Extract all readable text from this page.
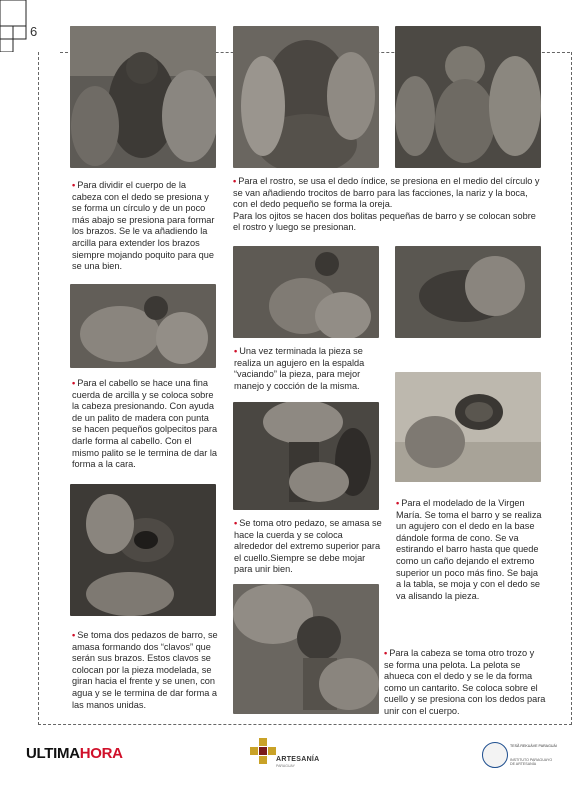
6

• Para dividir el cuerpo de la cabeza con el dedo se presiona y se forma un círculo y de un poco más abajo se presiona para formar los brazos. Se le va añadiendo la arcilla para extender los brazos siempre mojando poquito para que se una bien.

• Para el rostro, se usa el dedo índice, se presiona en el medio del círculo y se van añadiendo trocitos de barro para las facciones, la nariz y la boca, con el dedo pequeño se forma la oreja.

Para los ojitos se hacen dos bolitas pequeñas de barro y se colocan sobre el rostro y luego se presionan.

• Una vez terminada la pieza se realiza un agujero en la espalda “vaciando” la pieza, para mejor manejo y cocción de la misma.

• Para el cabello se hace una fina cuerda de arcilla y se coloca sobre la cabeza presionando. Con ayuda de un palito de madera con punta se hacen pequeños golpecitos para darle forma al cabello. Con el mismo palito se le termina de dar la forma a la cara.

• Para el modelado de la Virgen María. Se toma el barro y se realiza un agujero con el dedo en la base dándole forma de cono. Se va estirando el barro hasta que quede como un caño dejando el extremo superior un poco más fino. Se baja a la tabla, se moja y con el dedo se va alisando la pieza.

• Se toma otro pedazo, se amasa se hace la cuerda y se coloca alrededor del extremo superior para el cuello.Siempre se debe mojar para unir bien.

• Se toma dos pedazos de barro, se amasa formando dos “clavos” que serán sus brazos. Estos clavos se colocan por la pieza modelada, se giran hacia el frente y se unen, con agua y se le termina de dar forma a las manos unidas.

• Para la cabeza se toma otro trozo y se forma una pelota. La pelota se ahueca con el dedo y se le da forma como un cantarito. Se coloca sobre el cuello y se presiona con los dedos para unir con el cuerpo.

ULTIMAHORA	ARTESANÍA
PARAGUAY
TESÃ REKUÁVE PARAGUÁI
INSTITUTO PARAGUAYO DE ARTESANÍA
